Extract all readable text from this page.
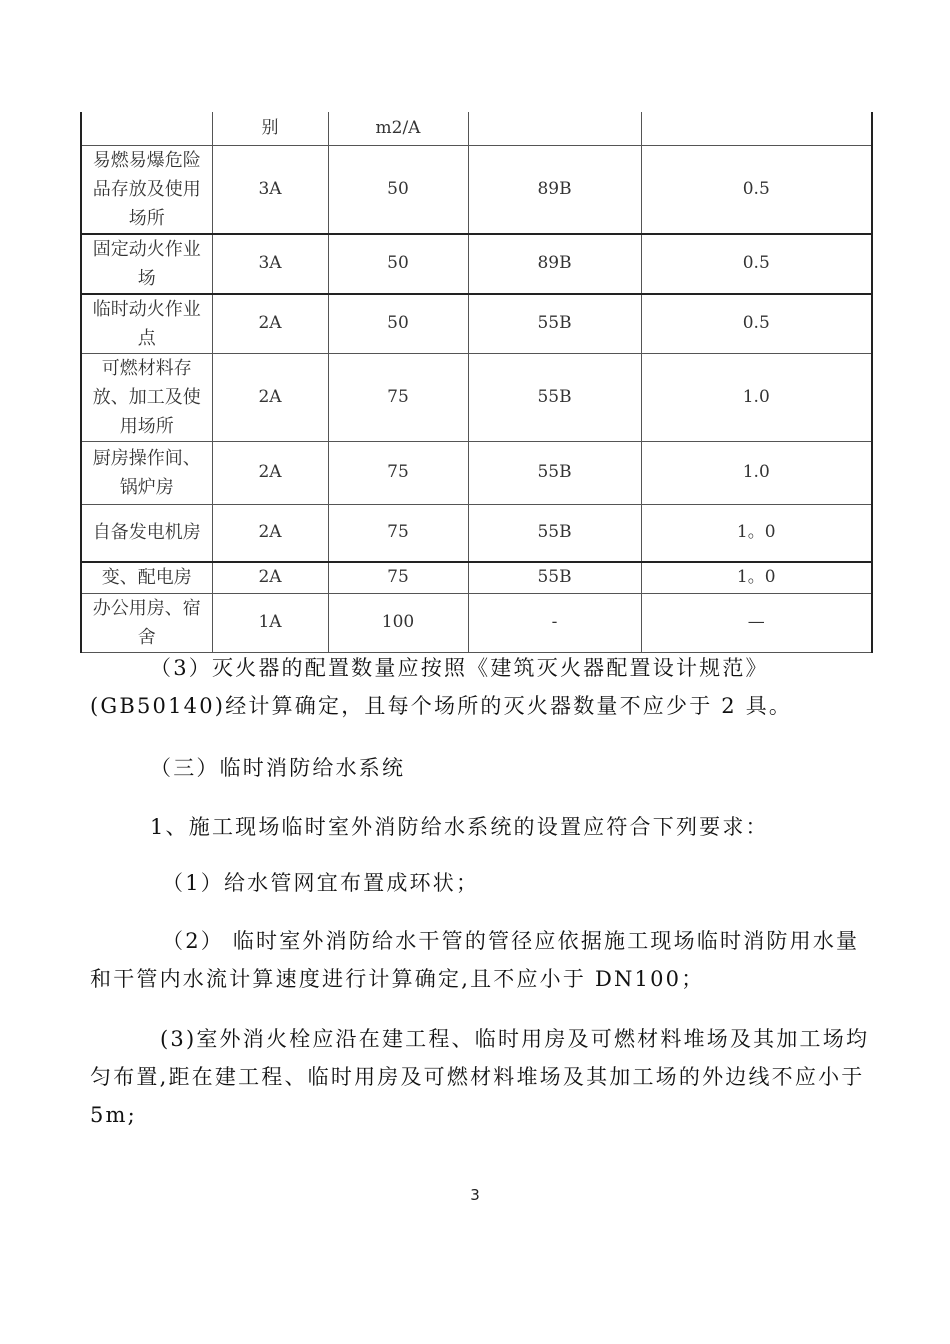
	别	m2/A		
易燃易爆危险品存放及使用场所	3A	50	89B	0.5
固定动火作业场	3A	50	89B	0.5
临时动火作业点	2A	50	55B	0.5
可燃材料存放、加工及使用场所	2A	75	55B	1.0
厨房操作间、锅炉房	2A	75	55B	1.0
自备发电机房	2A	75	55B	1。0
变、配电房	2A	75	55B	1。0
办公用房、宿舍	1A	100	-	—

（3）灭火器的配置数量应按照《建筑灭火器配置设计规范》(GB50140)经计算确定，且每个场所的灭火器数量不应少于 2 具。

（三）临时消防给水系统

1、施工现场临时室外消防给水系统的设置应符合下列要求：

（1）给水管网宜布置成环状；

（2） 临时室外消防给水干管的管径应依据施工现场临时消防用水量和干管内水流计算速度进行计算确定,且不应小于 DN100；

(3)室外消火栓应沿在建工程、临时用房及可燃材料堆场及其加工场均匀布置,距在建工程、临时用房及可燃材料堆场及其加工场的外边线不应小于 5m;

3
